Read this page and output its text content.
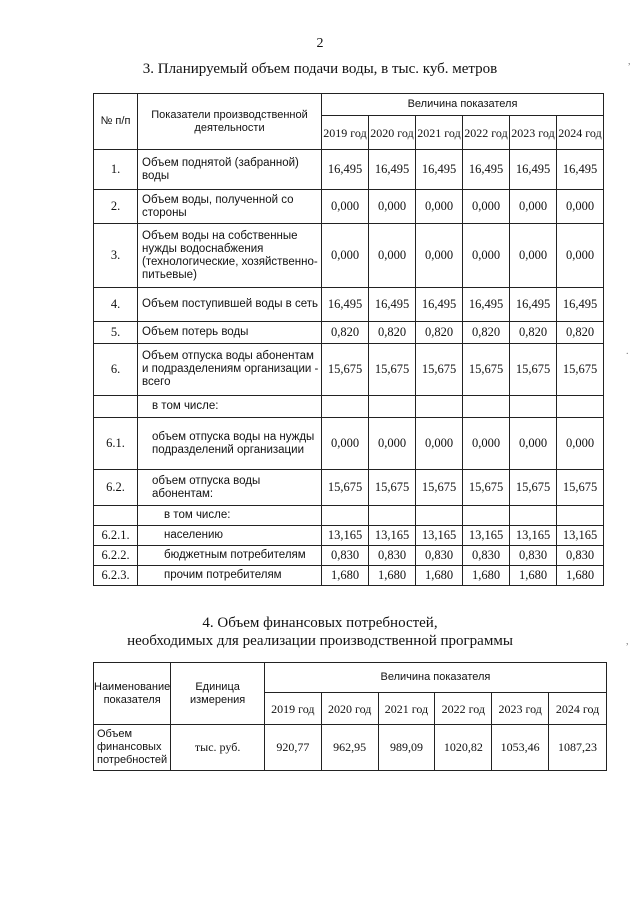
2
3. Планируемый объем подачи воды, в тыс. куб. метров
№ п/п	Показатели производственной деятельности	Величина показателя					
		2019 год	2020 год	2021 год	2022 год	2023 год	2024 год
1.	Объем поднятой (забранной) воды	16,495	16,495	16,495	16,495	16,495	16,495
2.	Объем воды, полученной со стороны	0,000	0,000	0,000	0,000	0,000	0,000
3.	Объем воды на собственные нужды водоснабжения (технологические, хозяйственно-питьевые)	0,000	0,000	0,000	0,000	0,000	0,000
4.	Объем поступившей воды в сеть	16,495	16,495	16,495	16,495	16,495	16,495
5.	Объем потерь воды	0,820	0,820	0,820	0,820	0,820	0,820
6.	Объем отпуска воды абонентам и подразделениям организации - всего	15,675	15,675	15,675	15,675	15,675	15,675
	в том числе:						
6.1.	объем отпуска воды на нужды подразделений организации	0,000	0,000	0,000	0,000	0,000	0,000
6.2.	объем отпуска воды абонентам:	15,675	15,675	15,675	15,675	15,675	15,675
	в том числе:						
6.2.1.	населению	13,165	13,165	13,165	13,165	13,165	13,165
6.2.2.	бюджетным потребителям	0,830	0,830	0,830	0,830	0,830	0,830
6.2.3.	прочим потребителям	1,680	1,680	1,680	1,680	1,680	1,680
4. Объем финансовых потребностей,
необходимых для реализации производственной программы
Наименование показателя	Единица измерения	Величина показателя					
		2019 год	2020 год	2021 год	2022 год	2023 год	2024 год
Объем финансовых потребностей	тыс. руб.	920,77	962,95	989,09	1020,82	1053,46	1087,23
,
.
,
